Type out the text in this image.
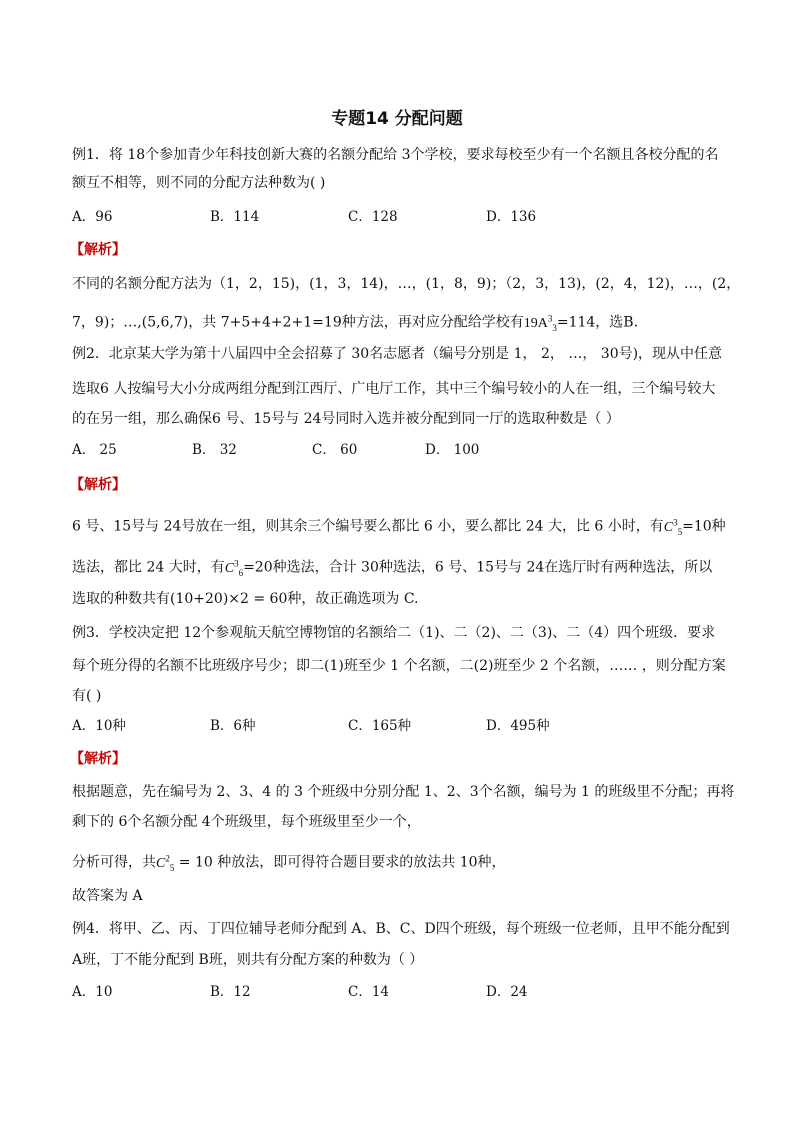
专题14 分配问题
例1．将 18个参加青少年科技创新大赛的名额分配给 3个学校，要求每校至少有一个名额且各校分配的名
额互不相等，则不同的分配方法种数为( )
A．96	B．114	C．128	D．136
【解析】
不同的名额分配方法为（1，2，15)，(1，3，14)，…，(1，8，9)；（2，3，13)，(2，4，12)，…，(2，
7，9)；…,(5,6,7)，共 7+5+4+2+1=19种方法，再对应分配给学校有$19A^3_3=114$，选B.
例2．北京某大学为第十八届四中全会招募了 30名志愿者（编号分别是 1， 2， …， 30号)，现从中任意
选取6 人按编号大小分成两组分配到江西厅、广电厅工作，其中三个编号较小的人在一组，三个编号较大
的在另一组，那么确保6 号、15号与 24号同时入选并被分配到同一厅的选取种数是（ ）
A． 25	B． 32	C． 60	D． 100
【解析】
6 号、15号与 24号放在一组，则其余三个编号要么都比 6 小，要么都比 24 大，比 6 小时，有$C^3_5=10$种
选法，都比 24 大时，有$C^3_6=20$种选法，合计 30种选法，6 号、15号与 24在选厅时有两种选法，所以
选取的种数共有(10+20)×2 = 60种，故正确选项为 C.
例3．学校决定把 12个参观航天航空博物馆的名额给二（1)、二（2)、二（3)、二（4）四个班级．要求
每个班分得的名额不比班级序号少；即二(1)班至少 1 个名额，二(2)班至少 2 个名额，…… ，则分配方案
有( )
A．10种	B．6种	C．165种	D．495种
【解析】
根据题意，先在编号为 2、3、4 的 3 个班级中分别分配 1、2、3个名额，编号为 1 的班级里不分配；再将
剩下的 6个名额分配 4个班级里，每个班级里至少一个，
分析可得，共$C^2_5 = 10$ 种放法，即可得符合题目要求的放法共 10种，
故答案为 A
例4．将甲、乙、丙、丁四位辅导老师分配到 A、B、C、D四个班级，每个班级一位老师，且甲不能分配到
A班，丁不能分配到 B班，则共有分配方案的种数为（ ）
A．10	B．12	C．14	D．24
